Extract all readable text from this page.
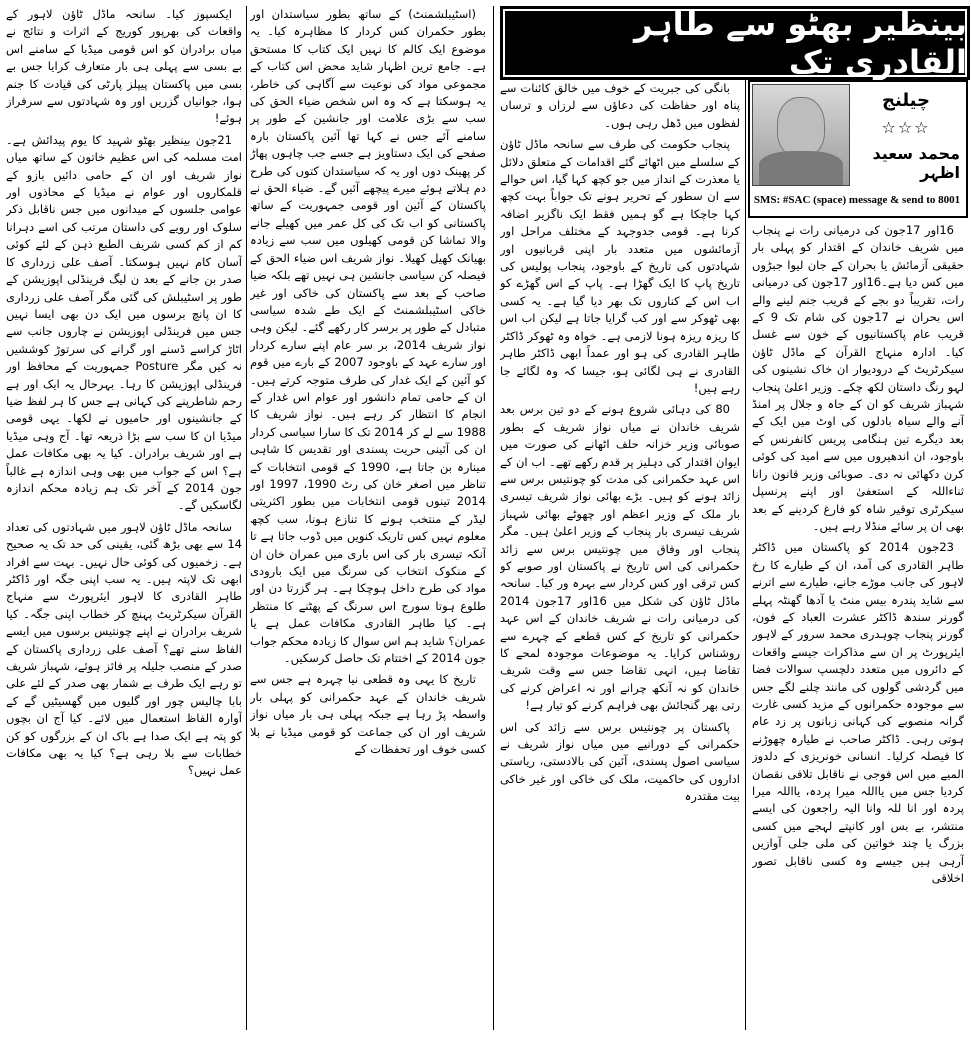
بینظیر بھٹو سے طاہر القادری تک
چیلنج
☆☆☆
محمد سعید اظہر
SMS: #SAC (space) message & send to 8001

16اور 17جون کی درمیانی رات نے پنجاب میں شریف خاندان کے اقتدار کو پہلی بار حقیقی آزمائش یا بحران کے جان لیوا جبڑوں میں کس دیا ہے۔16اور 17جون کی درمیانی رات، تقریباً دو بجے کے قریب جنم لینے والے اس بحران نے 17جون کی شام تک 9 کے قریب عام پاکستانیوں کے خون سے غسل کیا۔ ادارہ منہاج القرآن کے ماڈل ٹاؤن سیکرٹریٹ کے درودیوار ان خاک نشینوں کی لہو رنگ داستان لکھ چکے۔ وزیر اعلیٰ پنجاب شہباز شریف کو ان کے جاہ و جلال پر امنڈ آنے والے سیاہ بادلوں کی اوٹ میں ایک کے بعد دیگرے تین ہنگامی پریس کانفرنس کے باوجود، ان اندھیروں میں سے امید کی کوئی کرن دکھائی نہ دی۔ صوبائی وزیر قانون رانا ثناءاللہ کے استعفیٰ اور اپنے پرنسپل سیکرٹری توقیر شاہ کو فارغ کردینے کے بعد بھی ان پر سائے منڈلا رہے ہیں۔

23جون 2014 کو پاکستان میں ڈاکٹر طاہر القادری کی آمد، ان کے طیارے کا رخ لاہور کی جانب موڑے جانے، طیارے سے اترنے سے شاید پندرہ بیس منٹ یا آدھا گھنٹہ پہلے گورنر سندھ ڈاکٹر عشرت العباد کے فون، گورنر پنجاب چوہدری محمد سرور کے لاہور ایئرپورٹ پر ان سے مذاکرات جیسے واقعات کے دائروں میں متعدد دلچسپ سوالات فضا میں گردشی گولوں کی مانند چلنے لگے جس سے موجودہ حکمرانوں کے مزید کسی غارت گرانہ منصوبے کی کہانی زبانوں پر زد عام ہوتی رہی۔ ڈاکٹر صاحب نے طیارہ چھوڑنے کا فیصلہ کرلیا۔ انسانی خونریزی کے دلدوز المیے میں اس فوجی نے ناقابل تلافی نقصان کردیا جس میں یااللہ میرا پردہ، یااللہ میرا پردہ اور انا للہ وانا الیہ راجعون کی ایسے منتشر، بے بس اور کانپتے لہجے میں کسی بزرگ یا چند خواتین کی ملی جلی آوازیں آرہی ہیں جیسے وہ کسی ناقابل تصور اخلاقی

بانگی کی جبریت کے خوف میں خالق کائنات سے پناہ اور حفاظت کی دعاؤں سے لرزاں و ترساں لفظوں میں ڈھل رہی ہوں۔

پنجاب حکومت کی طرف سے سانحہ ماڈل ٹاؤن کے سلسلے میں اٹھائے گئے اقدامات کے متعلق دلائل یا معذرت کے انداز میں جو کچھ کہا گیا، اس حوالے سے ان سطور کے تحریر ہونے تک جواباً بہت کچھ کہا جاچکا ہے گو ہمیں فقط ایک ناگزیر اضافہ کرنا ہے۔ قومی جدوجہد کے مختلف مراحل اور آزمائشوں میں متعدد بار اپنی قربانیوں اور شہادتوں کی تاریخ کے باوجود، پنجاب پولیس کی تاریخ پاپ کا ایک گھڑا ہے۔ پاپ کے اس گھڑے کو اب اس کے کناروں تک بھر دیا گیا ہے۔ یہ کسی بھی ٹھوکر سے اور کب گرایا جاتا ہے لیکن اب اس کا ریزہ ریزہ ہونا لازمی ہے۔ خواہ وہ ٹھوکر ڈاکٹر طاہر القادری کی ہو اور عمداً ابھی ڈاکٹر طاہر القادری نے ہی لگائی ہو، جیسا کہ وہ لگائے جا رہے ہیں!

80 کی دہائی شروع ہونے کے دو تین برس بعد شریف خاندان نے میاں نواز شریف کے بطور صوبائی وزیر خزانہ حلف اٹھانے کی صورت میں ایوان اقتدار کی دہلیز پر قدم رکھے تھے۔ اب ان کے اس عہد حکمرانی کی مدت کو چونتیس برس سے زائد ہونے کو ہیں۔ بڑے بھائی نواز شریف تیسری بار ملک کے وزیر اعظم اور چھوٹے بھائی شہباز شریف تیسری بار پنجاب کے وزیر اعلیٰ ہیں۔ مگر پنجاب اور وفاق میں چونتیس برس سے زائد حکمرانی کی اس تاریخ نے پاکستان اور صوبے کو کس ترقی اور کس کردار سے بہرہ ور کیا۔ سانحہ ماڈل ٹاؤن کی شکل میں 16اور 17جون 2014 کی درمیانی رات نے شریف خاندان کے اس عہد حکمرانی کو تاریخ کے کس قطعے کے چہرے سے روشناس کرایا۔ یہ موضوعات موجودہ لمحے کا تقاضا ہیں، انہی تقاضا جس سے وقت شریف خاندان کو نہ آنکھ چرانے اور نہ اعراض کرنے کی رتی بھر گنجائش بھی فراہم کرنے کو تیار ہے!

پاکستان پر چونتیس برس سے زائد کی اس حکمرانی کے دورانیے میں میاں نواز شریف نے سیاسی اصول پسندی، آئین کی بالادستی، ریاستی اداروں کی حاکمیت، ملک کی خاکی اور غیر خاکی بیت مقتدرہ

(اسٹیبلشمنٹ) کے ساتھ بطور سیاستدان اور بطور حکمران کس کردار کا مظاہرہ کیا۔ یہ موضوع ایک کالم کا نہیں ایک کتاب کا مستحق ہے۔ جامع ترین اظہار شاید محض اس کتاب کے مجموعی مواد کی نوعیت سے آگاہی کی خاطر، یہ ہوسکتا ہے کہ وہ اس شخص ضیاء الحق کی سب سے بڑی علامت اور جانشین کے طور پر سامنے آئے جس نے کہا تھا آئین پاکستان بارہ صفحے کی ایک دستاویز ہے جسے جب چاہوں پھاڑ کر پھینک دوں اور یہ کہ سیاستدان کتوں کی طرح دم ہلاتے ہوئے میرے پیچھے آئیں گے۔ ضیاء الحق نے پاکستان کے آئین اور قومی جمہوریت کے ساتھ پاکستانی کو اب تک کی کل عمر میں کھیلے جانے والا تماشا کن قومی کھیلوں میں سب سے زیادہ بھیانک کھیل کھیلا۔ نواز شریف اس ضیاء الحق کے فیصلہ کن سیاسی جانشین ہی نہیں تھے بلکہ ضیا صاحب کے بعد سے پاکستان کی خاکی اور غیر خاکی اسٹیبلشمنٹ کے ایک طے شدہ سیاسی متبادل کے طور پر برسر کار رکھے گئے۔ لیکن وہی نواز شریف 2014، بر سر عام اپنے سارے کردار اور سارے عہد کے باوجود 2007 کے بارے میں قوم کو آئین کے ایک غدار کی طرف متوجہ کرتے ہیں۔ ان کے حامی تمام دانشور اور عوام اس غدار کے انجام کا انتظار کر رہے ہیں۔ نواز شریف کا 1988 سے لے کر 2014 تک کا سارا سیاسی کردار ان کی آئینی حریت پسندی اور تقدیس کا شاہی مینارہ بن جاتا ہے، 1990 کے قومی انتخابات کے تناظر میں اصغر خان کی رٹ 1990، 1997 اور 2014 تینوں قومی انتخابات میں بطور اکثریتی لیڈر کے منتخب ہونے کا تنازع ہونا، سب کچھ معلوم نہیں کس تاریک کنویں میں ڈوب جاتا ہے تا آنکہ تیسری بار کی اس باری میں عمران خان ان کے منکوک انتخاب کی سرنگ میں ایک بارودی مواد کی طرح داخل ہوچکا ہے۔ ہر گزرتا دن اور طلوع ہوتا سورج اس سرنگ کے پھٹنے کا منتظر ہے۔ کیا طاہر القادری مکافات عمل ہے یا عمران؟ شاید ہم اس سوال کا زیادہ محکم جواب جون 2014 کے اختتام تک حاصل کرسکیں۔

تاریخ کا یہی وہ قطعی نیا چہرہ ہے جس سے شریف خاندان کے عہد حکمرانی کو پہلی بار واسطہ پڑ رہا ہے جبکہ پہلی ہی بار میاں نواز شریف اور ان کی جماعت کو قومی میڈیا نے بلا کسی خوف اور تحفظات کے

ایکسپوز کیا۔ سانحہ ماڈل ٹاؤن لاہور کے واقعات کی بھرپور کوریج کے اثرات و نتائج نے میاں برادران کو اس قومی میڈیا کے سامنے اس بے بسی سے پہلی ہی بار متعارف کرایا جس بے بسی میں پاکستان پیپلز پارٹی کی قیادت کا جنم ہوا، جوانیاں گزریں اور وہ شہادتوں سے سرفراز ہوئے!

21جون بینظیر بھٹو شہید کا یوم پیدائش ہے۔ امت مسلمہ کی اس عظیم خاتون کے ساتھ میاں نواز شریف اور ان کے حامی دائیں بازو کے قلمکاروں اور عوام نے میڈیا کے محاذوں اور عوامی جلسوں کے میدانوں میں جس ناقابل ذکر سلوک اور رویے کی داستان مرتب کی اسے دہرانا کم از کم کسی شریف الطبع ذہن کے لئے کوئی آسان کام نہیں ہوسکتا۔ آصف علی زرداری کا صدر بن جانے کے بعد ن لیگ فرینڈلی اپوزیشن کے طور پر اسٹیبلش کی گئی مگر آصف علی زرداری کا ان پانچ برسوں میں ایک دن بھی ایسا نہیں جس میں فرینڈلی اپوزیشن نے چاروں جانب سے اٹاڑ کراسے ڈسنے اور گرانے کی سرتوڑ کوششیں نہ کیں مگر Posture جمہوریت کے محافظ اور فرینڈلی اپوزیشن کا رہا۔ بہرحال یہ ایک اور ہے رحم شاطرپنے کی کہانی ہے جس کا ہر لفظ ضیا کے جانشینوں اور حامیوں نے لکھا۔ یہی قومی میڈیا ان کا سب سے بڑا ذریعہ تھا۔ آج وہی میڈیا ہے اور شریف برادران۔ کیا یہ بھی مکافات عمل ہے؟ اس کے جواب میں بھی وہی اندازہ ہے غالباً جون 2014 کے آخر تک ہم زیادہ محکم اندازہ لگاسکیں گے۔

سانحہ ماڈل ٹاؤن لاہور میں شہادتوں کی تعداد 14 سے بھی بڑھ گئی، یقینی کی حد تک یہ صحیح ہے۔ زخمیوں کی کوئی حال نہیں۔ بہت سے افراد ابھی تک لاپتہ ہیں۔ یہ سب اپنی جگہ اور ڈاکٹر طاہر القادری کا لاہور ایئرپورٹ سے منہاج القرآن سیکرٹریٹ پہنچ کر خطاب اپنی جگہ۔ کیا شریف برادران نے اپنے چونتیس برسوں میں ایسے الفاظ سنے تھے؟ آصف علی زرداری پاکستان کے صدر کے منصب جلیلہ پر فائز ہوئے، شہباز شریف تو رہے ایک طرف بے شمار بھی صدر کے لئے علی بابا چالیس چور اور گلیوں میں گھسیٹیں گے کے آوارہ الفاظ استعمال میں لائے۔ کیا آج ان بچوں کو پتہ ہے ایک صدا ہے باک ان کے بزرگوں کو کن خطابات سے بلا رہی ہے؟ کیا یہ بھی مکافات عمل نہیں؟
